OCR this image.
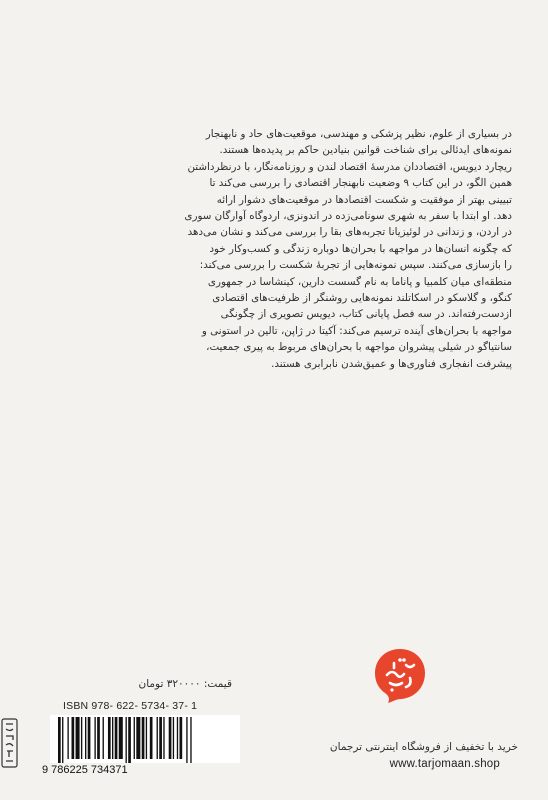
در بسیاری از علوم، نظیر پزشکی و مهندسی، موقعیت‌های حاد و نابهنجار
نمونه‌های ایدئالی برای شناخت قوانین بنیادین حاکم بر پدیده‌ها هستند.
ریچارد دیویس، اقتصاددان مدرسهٔ اقتصاد لندن و روزنامه‌نگار، با درنظرداشتن
همین الگو، در این کتاب ۹ وضعیت نابهنجار اقتصادی را بررسی می‌کند تا
تبیینی بهتر از موفقیت و شکست اقتصادها در موقعیت‌های دشوار ارائه
دهد. او ابتدا با سفر به شهری سونامی‌زده در اندونزی، اردوگاه آوارگان سوری
در اردن، و زندانی در لوئیزیانا تجربه‌های بقا را بررسی می‌کند و نشان می‌دهد
که چگونه انسان‌ها در مواجهه با بحران‌ها دوباره زندگی و کسب‌وکار خود
را بازسازی می‌کنند. سپس نمونه‌هایی از تجربهٔ شکست را بررسی می‌کند:
منطقه‌ای میان کلمبیا و پاناما به نام گسست دارین، کینشاسا در جمهوری
کنگو، و گلاسکو در اسکاتلند نمونه‌هایی روشنگر از ظرفیت‌های اقتصادی
ازدست‌رفته‌اند. در سه فصل پایانی کتاب، دیویس تصویری از چگونگی
مواجهه با بحران‌های آینده ترسیم می‌کند: آکیتا در ژاپن، تالین در استونی و
سانتیاگو در شیلی پیشروان مواجهه با بحران‌های مربوط به پیری جمعیت،
پیشرفت انفجاری فناوری‌ها و عمیق‌شدن نابرابری هستند.
قیمت: ۳۲۰۰۰۰ تومان
ISBN 978- 622- 5734- 37- 1
9 786225 734371
خرید با تخفیف از فروشگاه اینترنتی ترجمان
www.tarjomaan.shop
